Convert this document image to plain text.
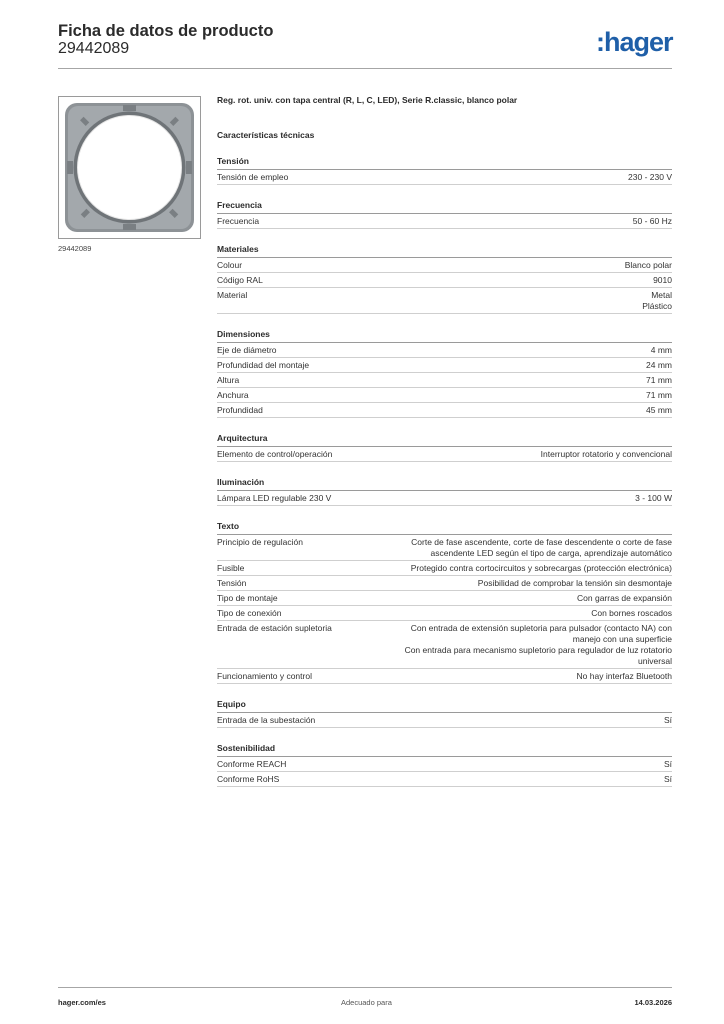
Ficha de datos de producto
29442089	:hager
29442089
Reg. rot. univ. con tapa central (R, L, C, LED), Serie R.classic, blanco polar
Características técnicas
Tensión
Tensión de empleo	230 - 230 V
Frecuencia
Frecuencia	50 - 60 Hz
Materiales
Colour	Blanco polar
Código RAL	9010
Material	Metal
Plástico
Dimensiones
Eje de diámetro	4 mm
Profundidad del montaje	24 mm
Altura	71 mm
Anchura	71 mm
Profundidad	45 mm
Arquitectura
Elemento de control/operación	Interruptor rotatorio y convencional
Iluminación
Lámpara LED regulable 230 V	3 - 100 W
Texto
Principio de regulación	Corte de fase ascendente, corte de fase descendente o corte de fase
ascendente LED según el tipo de carga, aprendizaje automático
Fusible	Protegido contra cortocircuitos y sobrecargas (protección electrónica)
Tensión	Posibilidad de comprobar la tensión sin desmontaje
Tipo de montaje	Con garras de expansión
Tipo de conexión	Con bornes roscados
Entrada de estación supletoria	Con entrada de extensión supletoria para pulsador (contacto NA) con
manejo con una superficie
Con entrada para mecanismo supletorio para regulador de luz rotatorio
universal
Funcionamiento y control	No hay interfaz Bluetooth
Equipo
Entrada de la subestación	Sí
Sostenibilidad
Conforme REACH	Sí
Conforme RoHS	Sí
hager.com/es	Adecuado para	14.03.2026
